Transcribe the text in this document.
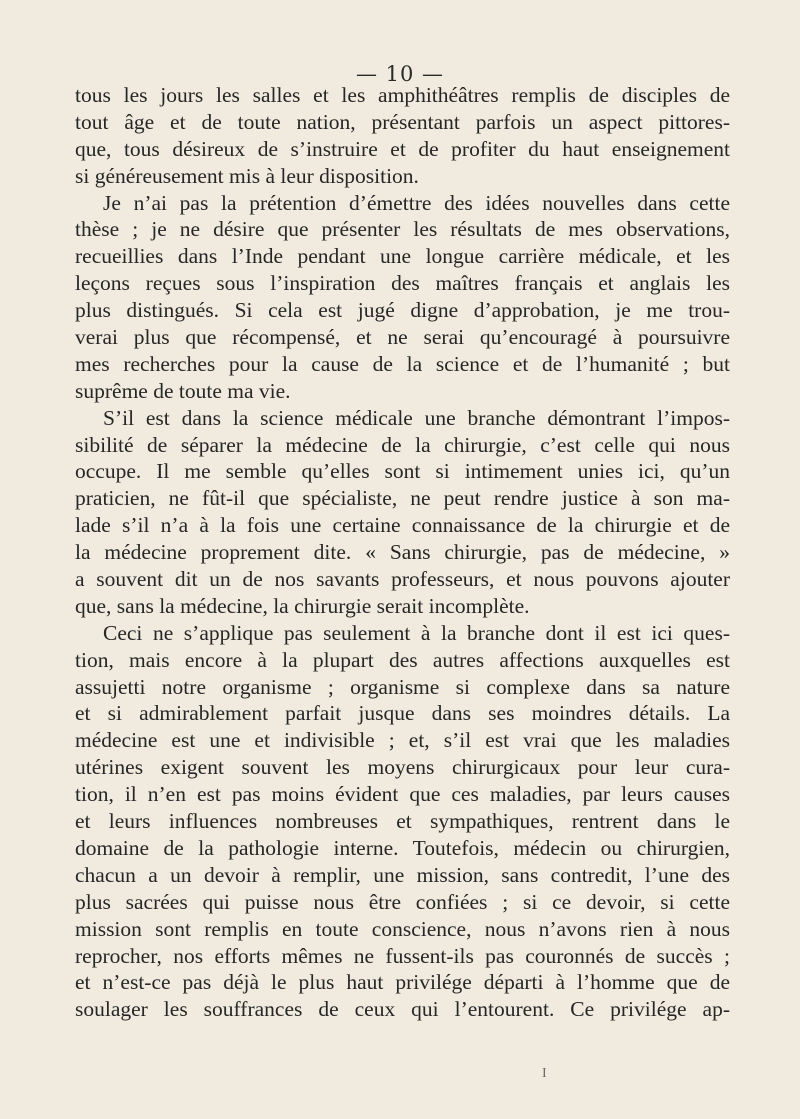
— 10 —
tous les jours les salles et les amphithéâtres remplis de disciples de
tout âge et de toute nation, présentant parfois un aspect pittores-
que, tous désireux de s’instruire et de profiter du haut enseignement
si généreusement mis à leur disposition.
Je n’ai pas la prétention d’émettre des idées nouvelles dans cette
thèse ; je ne désire que présenter les résultats de mes observations,
recueillies dans l’Inde pendant une longue carrière médicale, et les
leçons reçues sous l’inspiration des maîtres français et anglais les
plus distingués. Si cela est jugé digne d’approbation, je me trou-
verai plus que récompensé, et ne serai qu’encouragé à poursuivre
mes recherches pour la cause de la science et de l’humanité ; but
suprême de toute ma vie.
S’il est dans la science médicale une branche démontrant l’impos-
sibilité de séparer la médecine de la chirurgie, c’est celle qui nous
occupe. Il me semble qu’elles sont si intimement unies ici, qu’un
praticien, ne fût-il que spécialiste, ne peut rendre justice à son ma-
lade s’il n’a à la fois une certaine connaissance de la chirurgie et de
la médecine proprement dite. « Sans chirurgie, pas de médecine, »
a souvent dit un de nos savants professeurs, et nous pouvons ajouter
que, sans la médecine, la chirurgie serait incomplète.
Ceci ne s’applique pas seulement à la branche dont il est ici ques-
tion, mais encore à la plupart des autres affections auxquelles est
assujetti notre organisme ; organisme si complexe dans sa nature
et si admirablement parfait jusque dans ses moindres détails. La
médecine est une et indivisible ; et, s’il est vrai que les maladies
utérines exigent souvent les moyens chirurgicaux pour leur cura-
tion, il n’en est pas moins évident que ces maladies, par leurs causes
et leurs influences nombreuses et sympathiques, rentrent dans le
domaine de la pathologie interne. Toutefois, médecin ou chirurgien,
chacun a un devoir à remplir, une mission, sans contredit, l’une des
plus sacrées qui puisse nous être confiées ; si ce devoir, si cette
mission sont remplis en toute conscience, nous n’avons rien à nous
reprocher, nos efforts mêmes ne fussent-ils pas couronnés de succès ;
et n’est-ce pas déjà le plus haut privilége départi à l’homme que de
soulager les souffrances de ceux qui l’entourent. Ce privilége ap-
I
